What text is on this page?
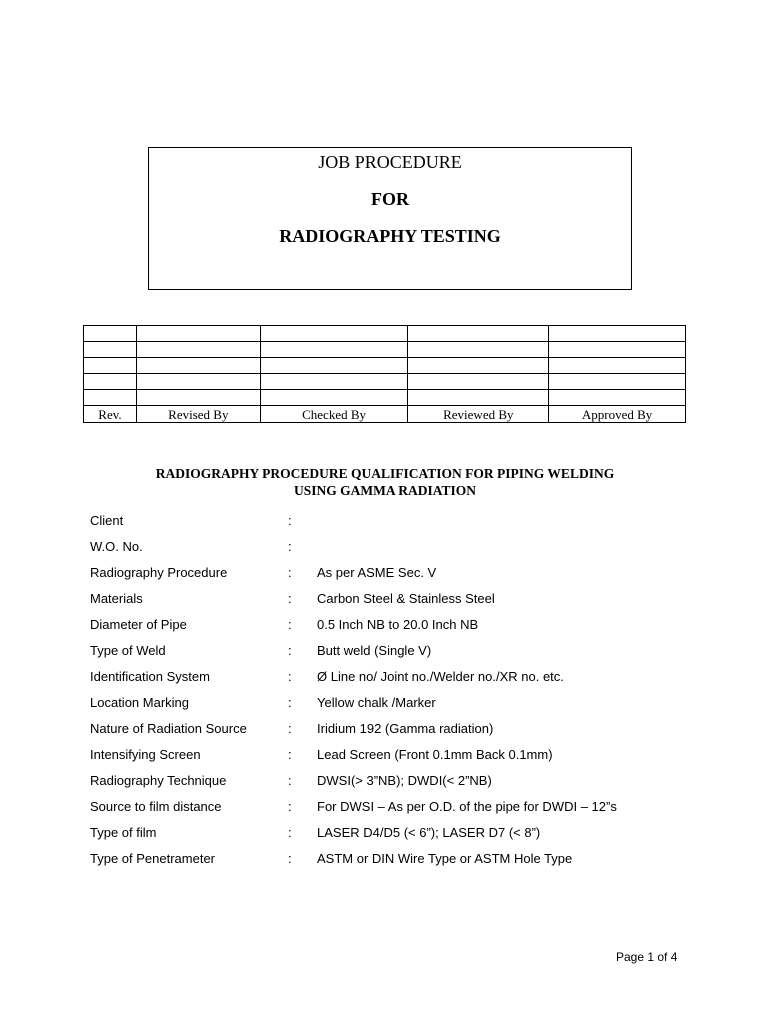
JOB PROCEDURE
FOR
RADIOGRAPHY TESTING

Rev.	Revised By	Checked By	Reviewed By	Approved By
RADIOGRAPHY PROCEDURE QUALIFICATION FOR PIPING WELDING
USING GAMMA RADIATION
Client	:
W.O. No.	:
Radiography Procedure	: As per ASME Sec. V
Materials	: Carbon Steel & Stainless Steel
Diameter of Pipe	: 0.5 Inch NB to 20.0 Inch NB
Type of Weld	: Butt weld (Single V)
Identification System	: Ø Line no/ Joint no./Welder no./XR no. etc.
Location Marking	: Yellow chalk /Marker
Nature of Radiation Source	: Iridium 192 (Gamma radiation)
Intensifying Screen	: Lead Screen (Front 0.1mm Back 0.1mm)
Radiography Technique	: DWSI(> 3”NB); DWDI(< 2”NB)
Source to film distance	: For DWSI – As per O.D. of the pipe for DWDI – 12”s
Type of film	: LASER D4/D5 (< 6”); LASER D7 (< 8”)
Type of Penetrameter	: ASTM or DIN Wire Type or ASTM Hole Type
Page 1 of 4
